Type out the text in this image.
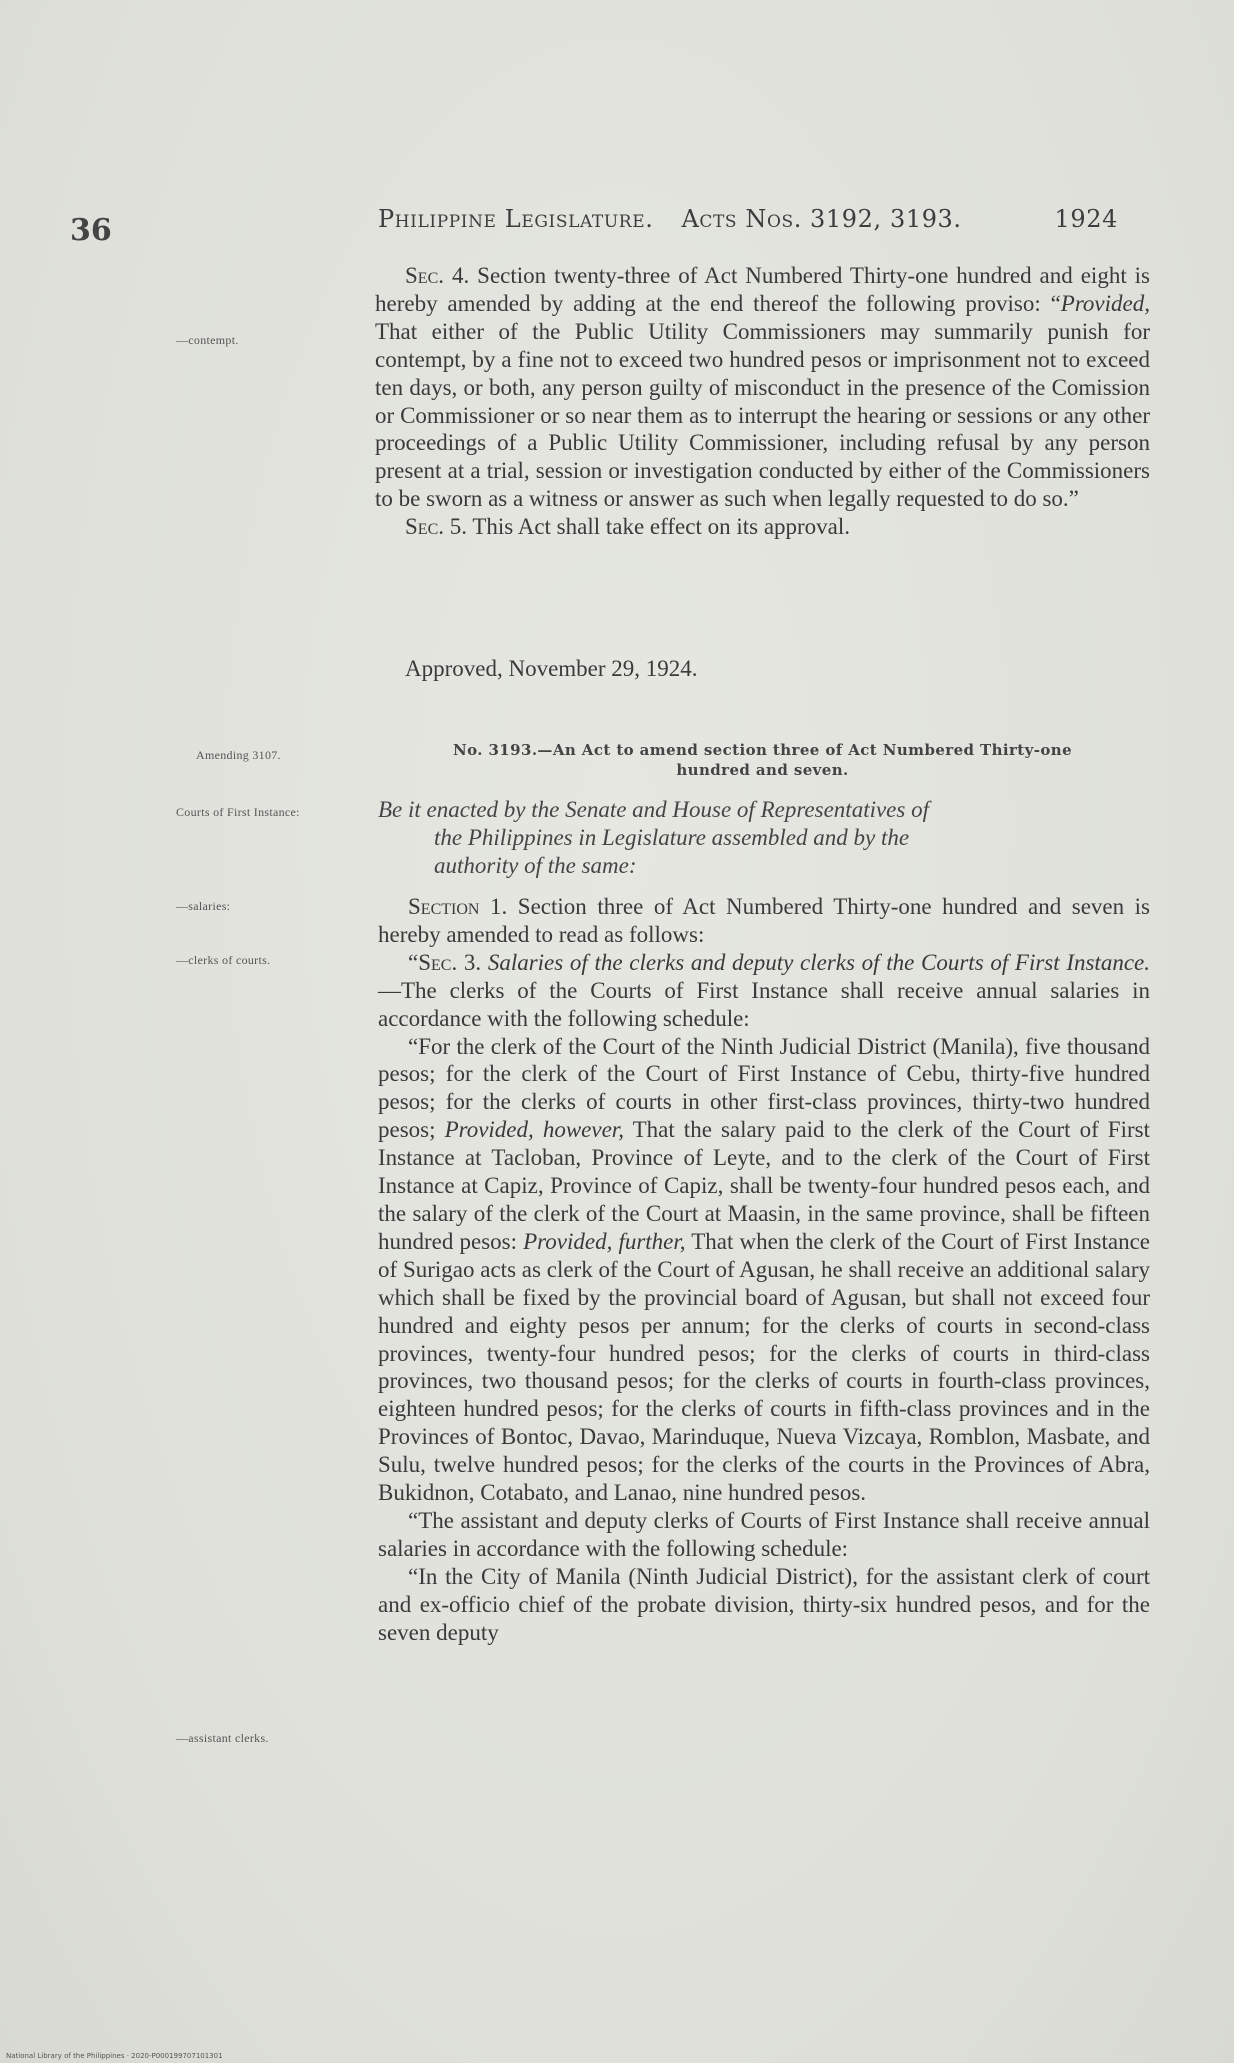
36	Philippine Legislature. Acts Nos. 3192, 3193.	1924
—contempt.
Amending 3107.
Courts of First Instance:
—salaries:
—clerks of courts.
—assistant clerks.

Sec. 4. Section twenty-three of Act Numbered Thirty-one hundred and eight is hereby amended by adding at the end thereof the following proviso: “Provided, That either of the Public Utility Commissioners may summarily punish for contempt, by a fine not to exceed two hundred pesos or imprisonment not to exceed ten days, or both, any person guilty of misconduct in the presence of the Comission or Commissioner or so near them as to interrupt the hearing or sessions or any other proceedings of a Public Utility Commissioner, including refusal by any person present at a trial, session or investigation conducted by either of the Commissioners to be sworn as a witness or answer as such when legally requested to do so.”

Sec. 5. This Act shall take effect on its approval.

Approved, November 29, 1924.
No. 3193.—An Act to amend section three of Act Numbered Thirty-one
hundred and seven.
Be it enacted by the Senate and House of Representatives of
the Philippines in Legislature assembled and by the
authority of the same:

Section 1. Section three of Act Numbered Thirty-one hundred and seven is hereby amended to read as follows:

“Sec. 3. Salaries of the clerks and deputy clerks of the Courts of First Instance.—The clerks of the Courts of First Instance shall receive annual salaries in accordance with the following schedule:

“For the clerk of the Court of the Ninth Judicial District (Manila), five thousand pesos; for the clerk of the Court of First Instance of Cebu, thirty-five hundred pesos; for the clerks of courts in other first-class provinces, thirty-two hundred pesos; Provided, however, That the salary paid to the clerk of the Court of First Instance at Tacloban, Province of Leyte, and to the clerk of the Court of First Instance at Capiz, Province of Capiz, shall be twenty-four hundred pesos each, and the salary of the clerk of the Court at Maasin, in the same province, shall be fifteen hundred pesos: Provided, further, That when the clerk of the Court of First Instance of Surigao acts as clerk of the Court of Agusan, he shall receive an additional salary which shall be fixed by the provincial board of Agusan, but shall not exceed four hundred and eighty pesos per annum; for the clerks of courts in second-class provinces, twenty-four hundred pesos; for the clerks of courts in third-class provinces, two thousand pesos; for the clerks of courts in fourth-class provinces, eighteen hundred pesos; for the clerks of courts in fifth-class provinces and in the Provinces of Bontoc, Davao, Marinduque, Nueva Vizcaya, Romblon, Masbate, and Sulu, twelve hundred pesos; for the clerks of the courts in the Provinces of Abra, Bukidnon, Cotabato, and Lanao, nine hundred pesos.

“The assistant and deputy clerks of Courts of First Instance shall receive annual salaries in accordance with the following schedule:

“In the City of Manila (Ninth Judicial District), for the assistant clerk of court and ex-officio chief of the probate division, thirty-six hundred pesos, and for the seven deputy

National Library of the Philippines · 2020-P000199707101301
